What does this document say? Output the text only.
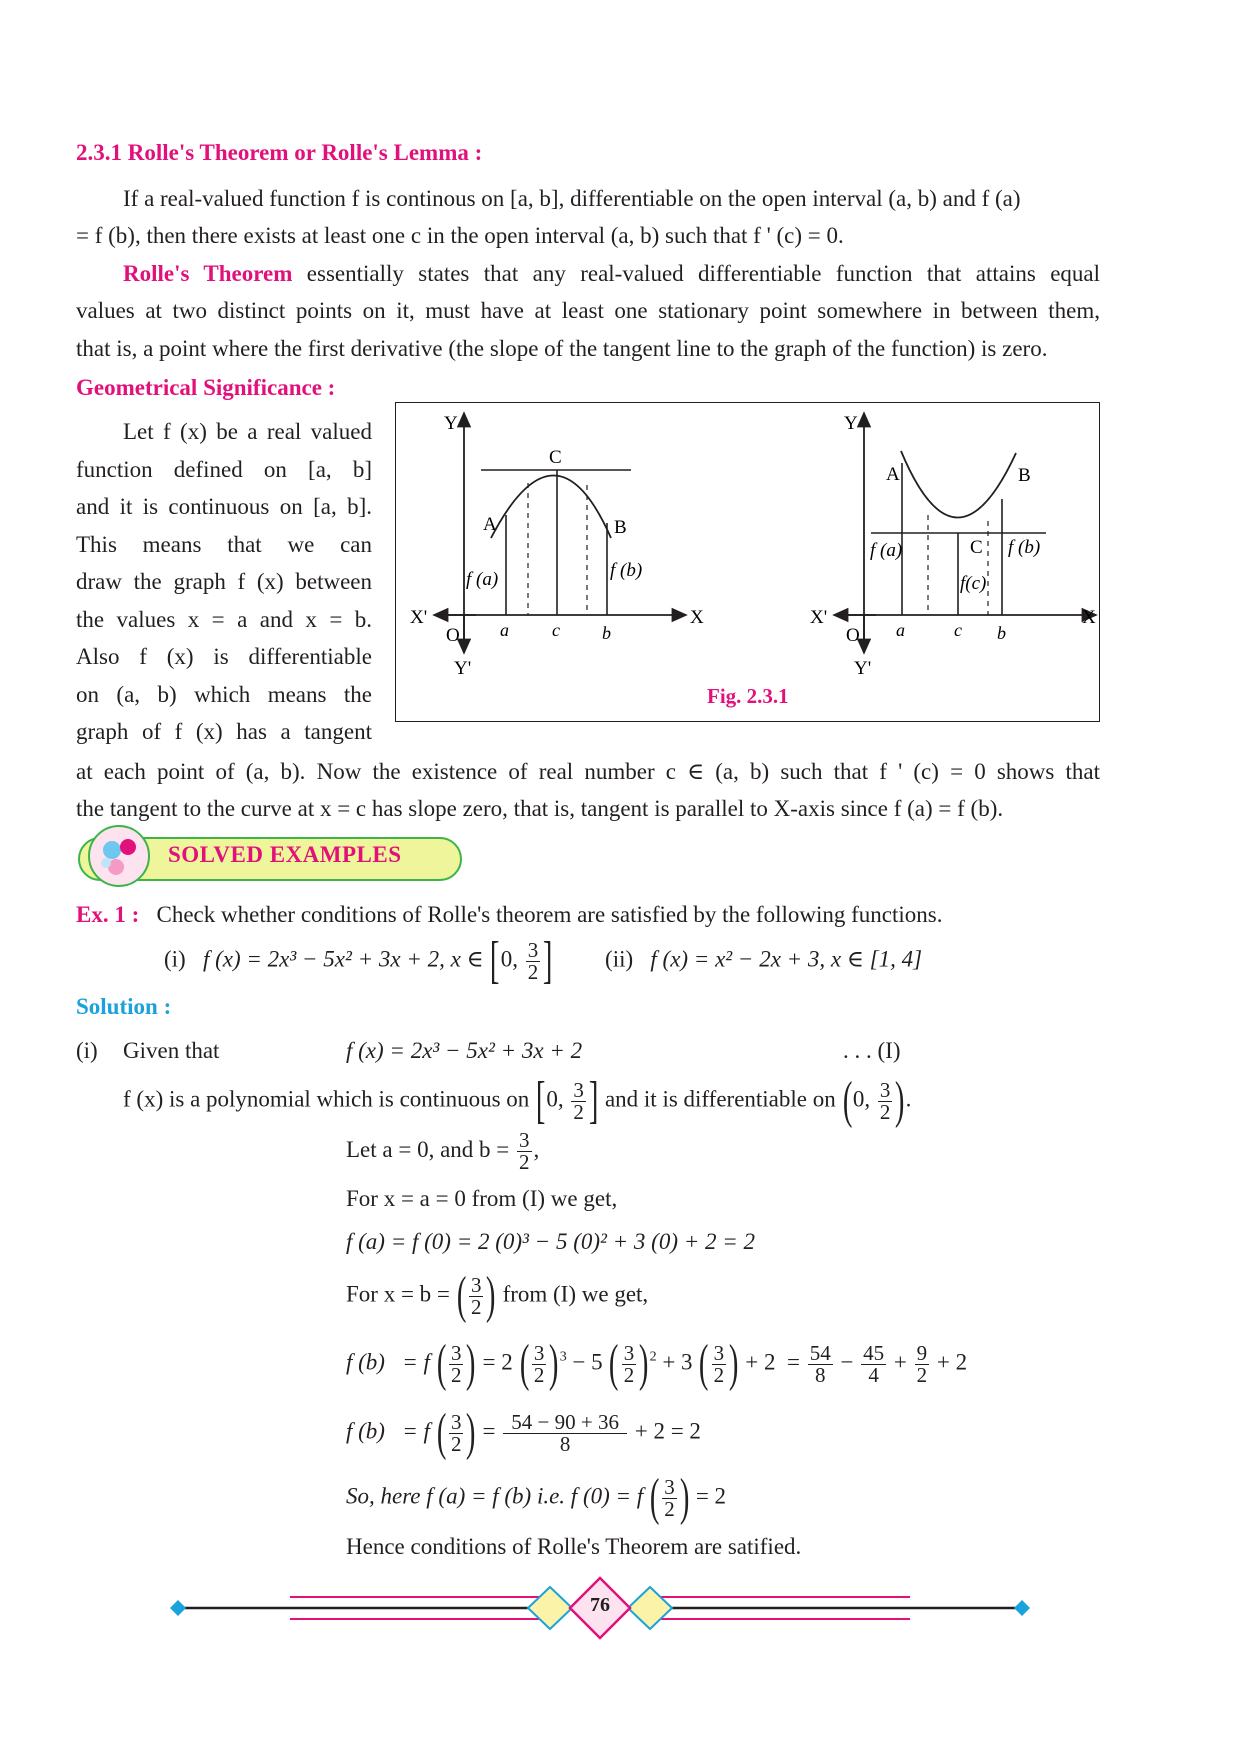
2.3.1 Rolle's Theorem or Rolle's Lemma :
If a real-valued function f is continous on [a, b], differentiable on the open interval (a, b) and f (a)
= f (b), then there exists at least one c in the open interval (a, b) such that f ' (c) = 0.
Rolle's Theorem essentially states that any real-valued differentiable function that attains equal
values at two distinct points on it, must have at least one stationary point somewhere in between them,
that is, a point where the first derivative (the slope of the tangent line to the graph of the function) is zero.
Geometrical Significance :
Let f (x) be a real valued
function defined on [a, b]
and it is continuous on [a, b].
This means that we can
draw the graph f (x) between
the values x = a and x = b.
Also f (x) is differentiable
on (a, b) which means the
graph of f (x) has a tangent
Y
Y'
X
X'
O
C
A	B
f (a)	f (b)
a c b
Y
Y'
X
X'
O
A	B
C
f (a)	f (b)
f(c)
a	c b
Fig. 2.3.1
at each point of (a, b). Now the existence of real number c ∈ (a, b) such that f ' (c) = 0 shows that
the tangent to the curve at x = c has slope zero, that is, tangent is parallel to X-axis since f (a) = f (b).
SOLVED EXAMPLES
Ex. 1 : Check whether conditions of Rolle's theorem are satisfied by the following functions.
(i) f (x) = 2x³ − 5x² + 3x + 2, x ∈ [0, $\frac{3}{2}$ ] (ii) f (x) = x² − 2x + 3, x ∈ [1, 4]
Solution :
(i) Given that	f (x) = 2x³ − 5x² + 3x + 2	. . . (I)
f (x) is a polynomial which is continuous on [0, $\frac{3}{2}$ ] and it is differentiable on (0, $\frac{3}{2}$ ).
Let a = 0, and $b = \frac{3}{2}$ ,
For x = a = 0 from (I) we get,
f (a) = f (0) = 2 (0)³ − 5 (0)² + 3 (0) + 2 = 2
For x = b = ( $\frac{3}{2}$ ) from (I) we get,
f (b) = f ( $\frac{3}{2}$ ) = 2 ( $\frac{3}{2} )^3 - 5$ ( $\frac{3}{2} )^2 + 3$ ( $\frac{3}{2}$ ) + $2 = \frac{54}{8} - \frac{45}{4} + \frac{9}{2} + 2$
f (b) = f ( $\frac{3}{2}$ ) = $\frac{54 - 90 + 36}{8} + 2 = 2$
So, here f (a) = f (b) i.e. f (0) = f ( $\frac{3}{2}$ ) = 2
Hence conditions of Rolle's Theorem are satified.
76
